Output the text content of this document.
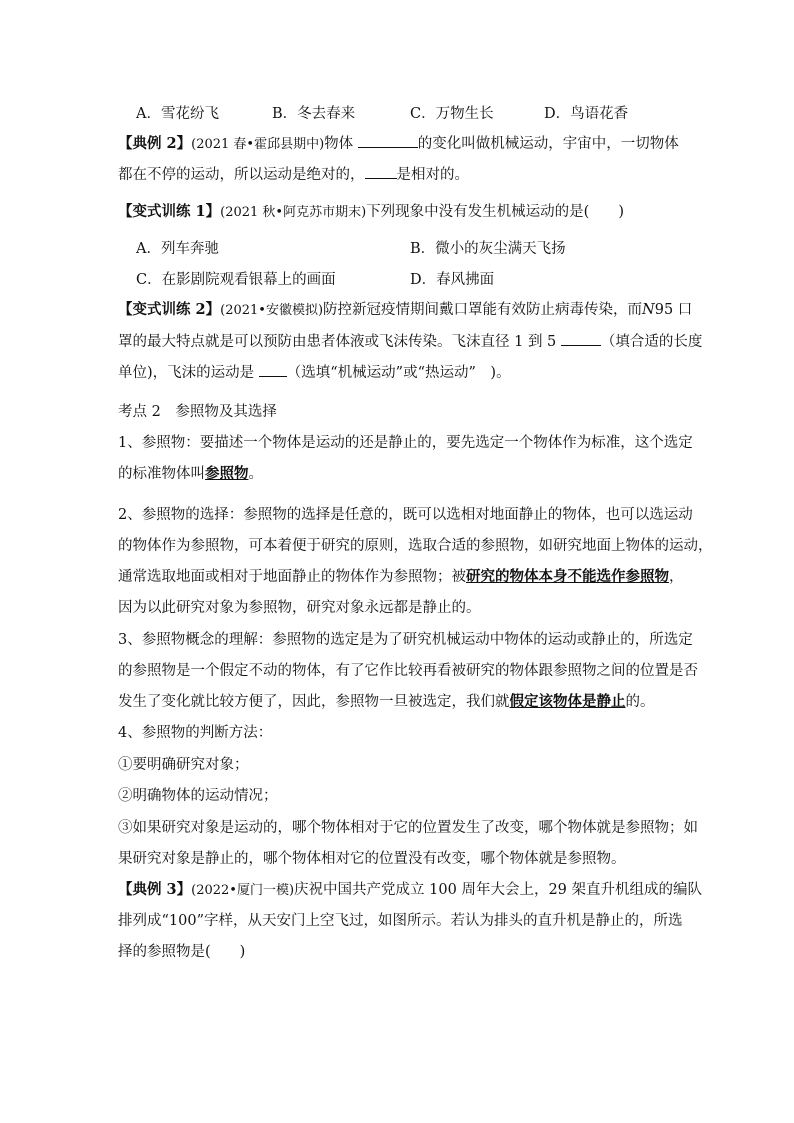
A．雪花纷飞	B．冬去春来	C．万物生长	D．鸟语花香
【典例 2】(2021 春•霍邱县期中)物体	的变化叫做机械运动，宇宙中，一切物体
都在不停的运动，所以运动是绝对的， 是相对的。
【变式训练 1】(2021 秋•阿克苏市期末)下列现象中没有发生机械运动的是(　　)
A．列车奔驰	B．微小的灰尘满天飞扬
C．在影剧院观看银幕上的画面	D．春风拂面
【变式训练 2】(2021•安徽模拟)防控新冠疫情期间戴口罩能有效防止病毒传染，而N95 口
罩的最大特点就是可以预防由患者体液或飞沫传染。飞沫直径 1 到 5	（填合适的长度
单位)，飞沫的运动是 （选填“机械运动”或“热运动”　)。
考点 2　参照物及其选择
1、参照物：要描述一个物体是运动的还是静止的，要先选定一个物体作为标准，这个选定
的标准物体叫参照物。
2、参照物的选择：参照物的选择是任意的，既可以选相对地面静止的物体，也可以选运动
的物体作为参照物，可本着便于研究的原则，选取合适的参照物，如研究地面上物体的运动，
通常选取地面或相对于地面静止的物体作为参照物；被研究的物体本身不能选作参照物，
因为以此研究对象为参照物，研究对象永远都是静止的。
3、参照物概念的理解：参照物的选定是为了研究机械运动中物体的运动或静止的，所选定
的参照物是一个假定不动的物体，有了它作比较再看被研究的物体跟参照物之间的位置是否
发生了变化就比较方便了，因此，参照物一旦被选定，我们就假定该物体是静止的。
4、参照物的判断方法：
①要明确研究对象；
②明确物体的运动情况；
③如果研究对象是运动的，哪个物体相对于它的位置发生了改变，哪个物体就是参照物；如
果研究对象是静止的，哪个物体相对它的位置没有改变，哪个物体就是参照物。
【典例 3】(2022•厦门一模)庆祝中国共产党成立 100 周年大会上，29 架直升机组成的编队
排列成“100”字样，从天安门上空飞过，如图所示。若认为排头的直升机是静止的，所选
择的参照物是(　　)
